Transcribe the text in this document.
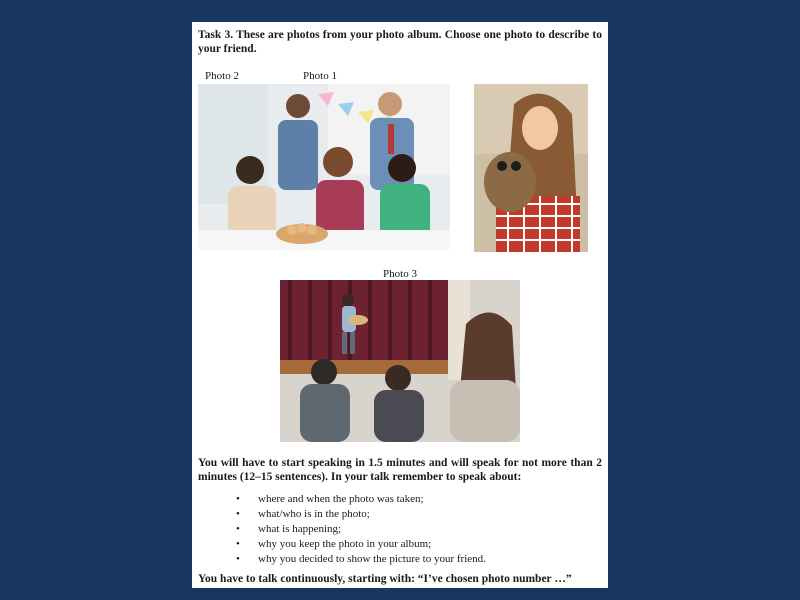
Task 3. These are photos from your photo album. Choose one photo to describe to your friend.
Photo 1
Photo 2
Photo 3
You will have to start speaking in 1.5 minutes and will speak for not more than 2 minutes (12–15 sentences). In your talk remember to speak about:
• where and when the photo was taken;
• what/who is in the photo;
• what is happening;
• why you keep the photo in your album;
• why you decided to show the picture to your friend.
You have to talk continuously, starting with: “I’ve chosen photo number …”
